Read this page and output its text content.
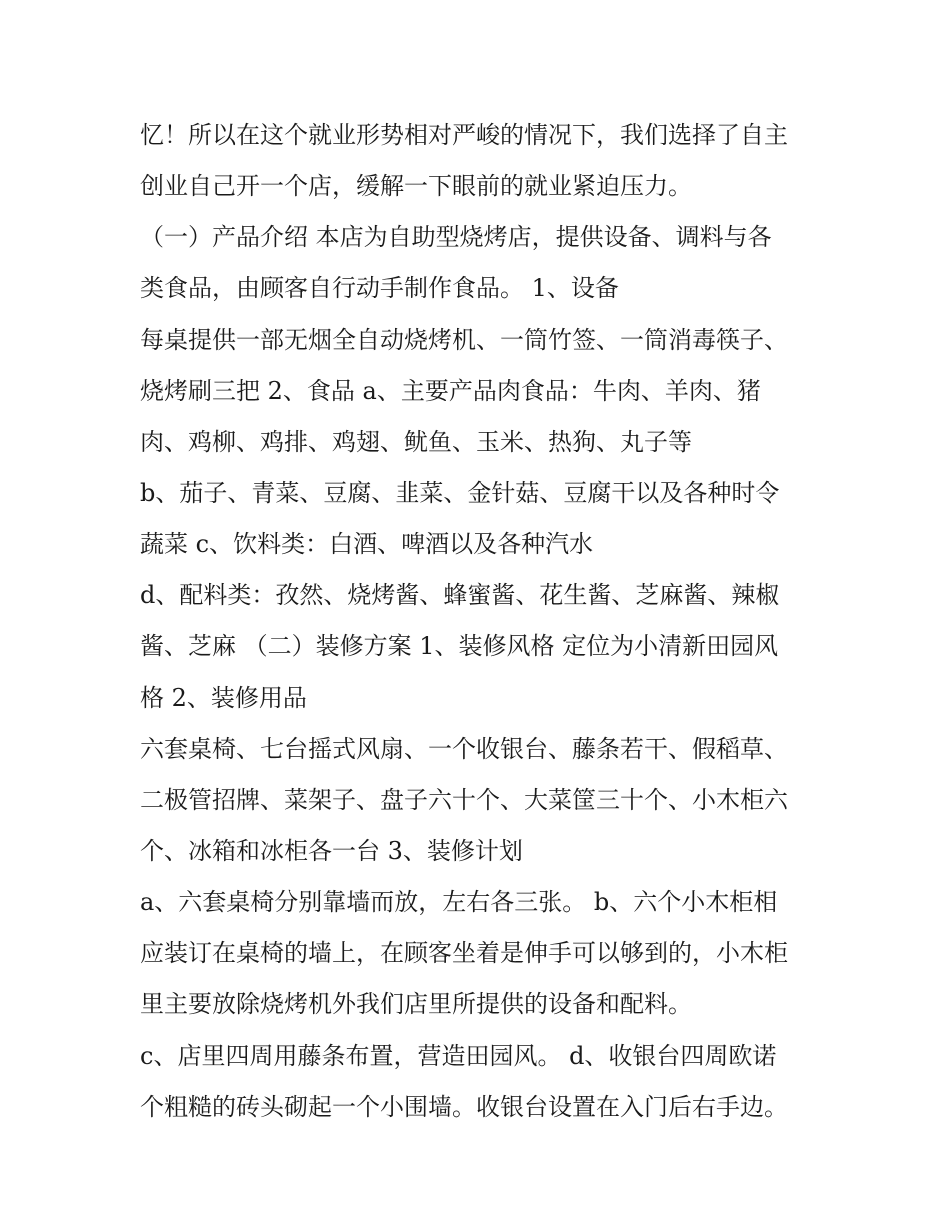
忆！所以在这个就业形势相对严峻的情况下，我们选择了自主
创业自己开一个店，缓解一下眼前的就业紧迫压力。
（一）产品介绍 本店为自助型烧烤店，提供设备、调料与各
类食品，由顾客自行动手制作食品。 1、设备
每桌提供一部无烟全自动烧烤机、一筒竹签、一筒消毒筷子、
烧烤刷三把 2、食品 a、主要产品肉食品：牛肉、羊肉、猪
肉、鸡柳、鸡排、鸡翅、鱿鱼、玉米、热狗、丸子等
b、茄子、青菜、豆腐、韭菜、金针菇、豆腐干以及各种时令
蔬菜 c、饮料类：白酒、啤酒以及各种汽水
d、配料类：孜然、烧烤酱、蜂蜜酱、花生酱、芝麻酱、辣椒
酱、芝麻 （二）装修方案 1、装修风格 定位为小清新田园风
格 2、装修用品
六套桌椅、七台摇式风扇、一个收银台、藤条若干、假稻草、
二极管招牌、菜架子、盘子六十个、大菜筐三十个、小木柜六
个、冰箱和冰柜各一台 3、装修计划
a、六套桌椅分别靠墙而放，左右各三张。 b、六个小木柜相
应装订在桌椅的墙上，在顾客坐着是伸手可以够到的，小木柜
里主要放除烧烤机外我们店里所提供的设备和配料。
c、店里四周用藤条布置，营造田园风。 d、收银台四周欧诺
个粗糙的砖头砌起一个小围墙。收银台设置在入门后右手边。
